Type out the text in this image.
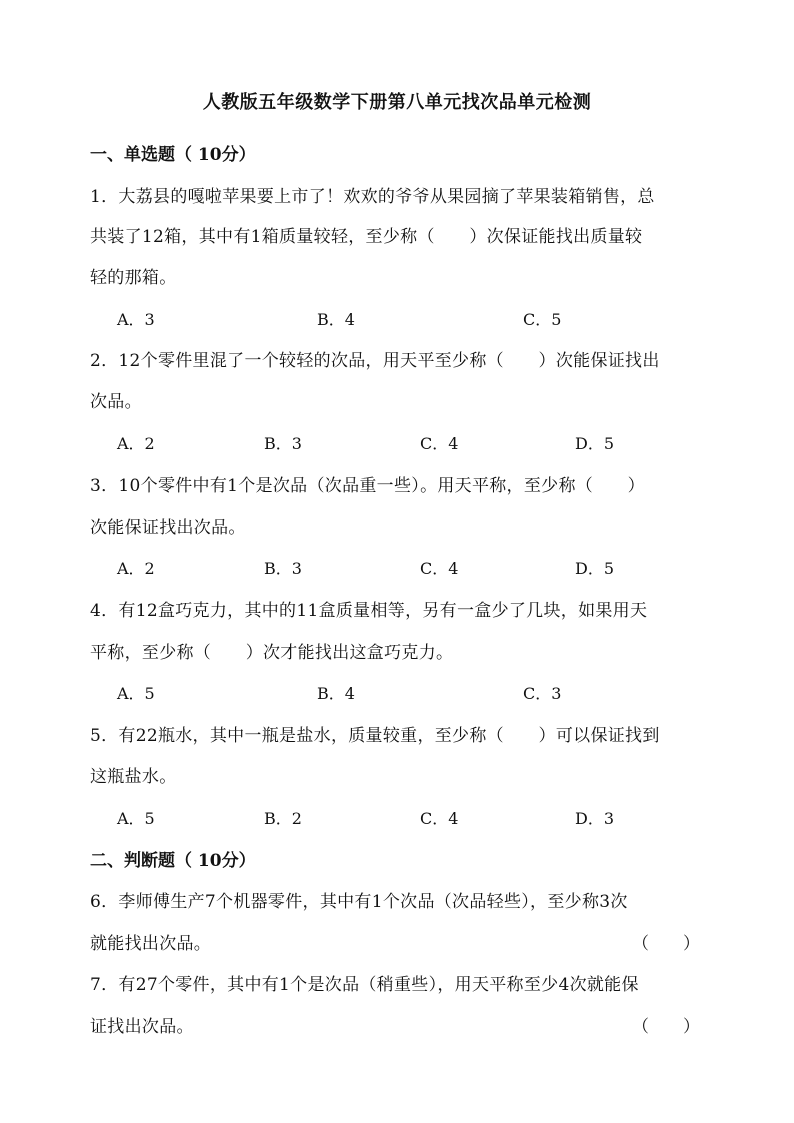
人教版五年级数学下册第八单元找次品单元检测
一、单选题（ 10分）
1．大荔县的嘎啦苹果要上市了！欢欢的爷爷从果园摘了苹果装箱销售，总
共装了12箱，其中有1箱质量较轻，至少称（　　）次保证能找出质量较
轻的那箱。
A．3	B．4	C．5
2．12个零件里混了一个较轻的次品，用天平至少称（　　）次能保证找出
次品。
A．2	B．3	C．4	D．5
3．10个零件中有1个是次品（次品重一些）。用天平称，至少称（　　）
次能保证找出次品。
A．2	B．3	C．4	D．5
4．有12盒巧克力，其中的11盒质量相等，另有一盒少了几块，如果用天
平称，至少称（　　）次才能找出这盒巧克力。
A．5	B．4	C．3
5．有22瓶水，其中一瓶是盐水，质量较重，至少称（　　）可以保证找到
这瓶盐水。
A．5	B．2	C．4	D．3
二、判断题（ 10分）
6．李师傅生产7个机器零件，其中有1个次品（次品轻些），至少称3次
就能找出次品。	（　　）
7．有27个零件，其中有1个是次品（稍重些），用天平称至少4次就能保
证找出次品。	（　　）
